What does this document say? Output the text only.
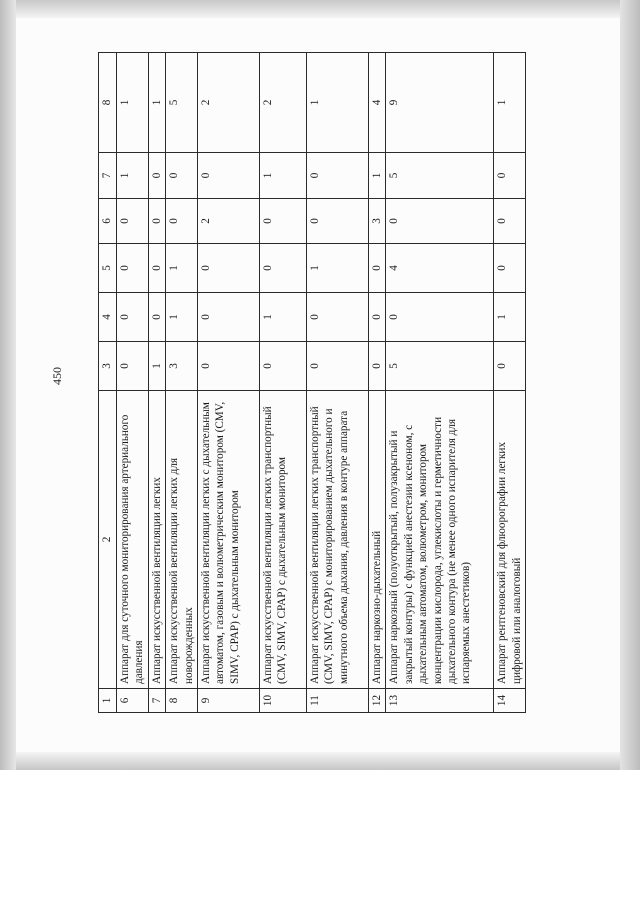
450
1	2	3	4	5	6	7	8
6	Аппарат для суточного мониторирования артериального давления	0	0	0	0	1	1
7	Аппарат искусственной вентиляции легких	1	0	0	0	0	1
8	Аппарат искусственной вентиляции легких для новорожденных	3	1	1	0	0	5
9	Аппарат искусственной вентиляции легких с дыхательным автоматом, газовым и волюметрическим монитором (CMV, SIMV, CPAP) с дыхательным монитором	0	0	0	2	0	2
10	Аппарат искусственной вентиляции легких транспортный (CMV, SIMV, CPAP) с дыхательным монитором	0	1	0	0	1	2
11	Аппарат искусственной вентиляции легких транспортный (CMV, SIMV, CPAP) с мониторированием дыхательного и минутного объема дыхания, давления в контуре аппарата	0	0	1	0	0	1
12	Аппарат наркозно-дыхательный	0	0	0	3	1	4
13	Аппарат наркозный (полуоткрытый, полузакрытый и закрытый контуры) с функцией анестезии ксеноном, с дыхательным автоматом, волюметром, монитором концентрации кислорода, углекислоты и герметичности дыхательного контура (не менее одного испарителя для испаряемых анестетиков)	5	0	4	0	5	9
14	Аппарат рентгеновский для флюорографии легких цифровой или аналоговый	0	1	0	0	0	1
